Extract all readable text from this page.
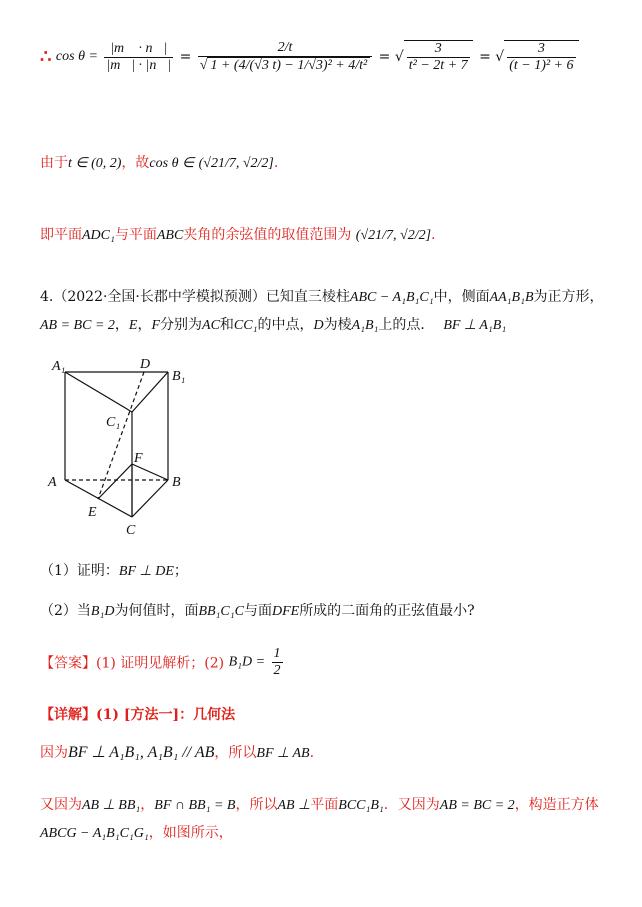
∴ $\cos \theta = \frac{|m⃗ \cdot n⃗|}{|m⃗| \cdot |n⃗|} = \frac{2/t}{\text{√ 1 + (4/(√3 t) − 1/√3)² + 4/t²}}$ = √ $\frac{3}{\text{t² − 2t + 7}}$ = √ $\frac{3}{\text{(t − 1)² + 6}}$
由于t ∈ (0, 2)，故cos θ ∈ (√21/7, √2/2].
即平面ADC₁与平面ABC夹角的余弦值的取值范围为 (√21/7, √2/2].
4.（2022·全国·长郡中学模拟预测）已知直三棱柱ABC − A₁B₁C₁中，侧面AA₁B₁B为正方形，
AB = BC = 2，E，F分别为AC和CC₁的中点，D为棱A₁B₁上的点． BF ⊥ A₁B₁
A₁	D
B₁
C₁
F
A	B
E
C
（1）证明：BF ⊥ DE；
（2）当B₁D为何值时，面BB₁C₁C与面DFE所成的二面角的正弦值最小?
【答案】(1) 证明见解析；(2) $B_1D = \frac{1}{2}$
【详解】(1) [方法一]：几何法
因为BF ⊥ A₁B₁, A₁B₁ // AB，所以BF ⊥ AB.
又因为AB ⊥ BB₁，BF ∩ BB₁ = B，所以AB ⊥平面BCC₁B₁．又因为AB = BC = 2，构造正方体
ABCG − A₁B₁C₁G₁，如图所示，
